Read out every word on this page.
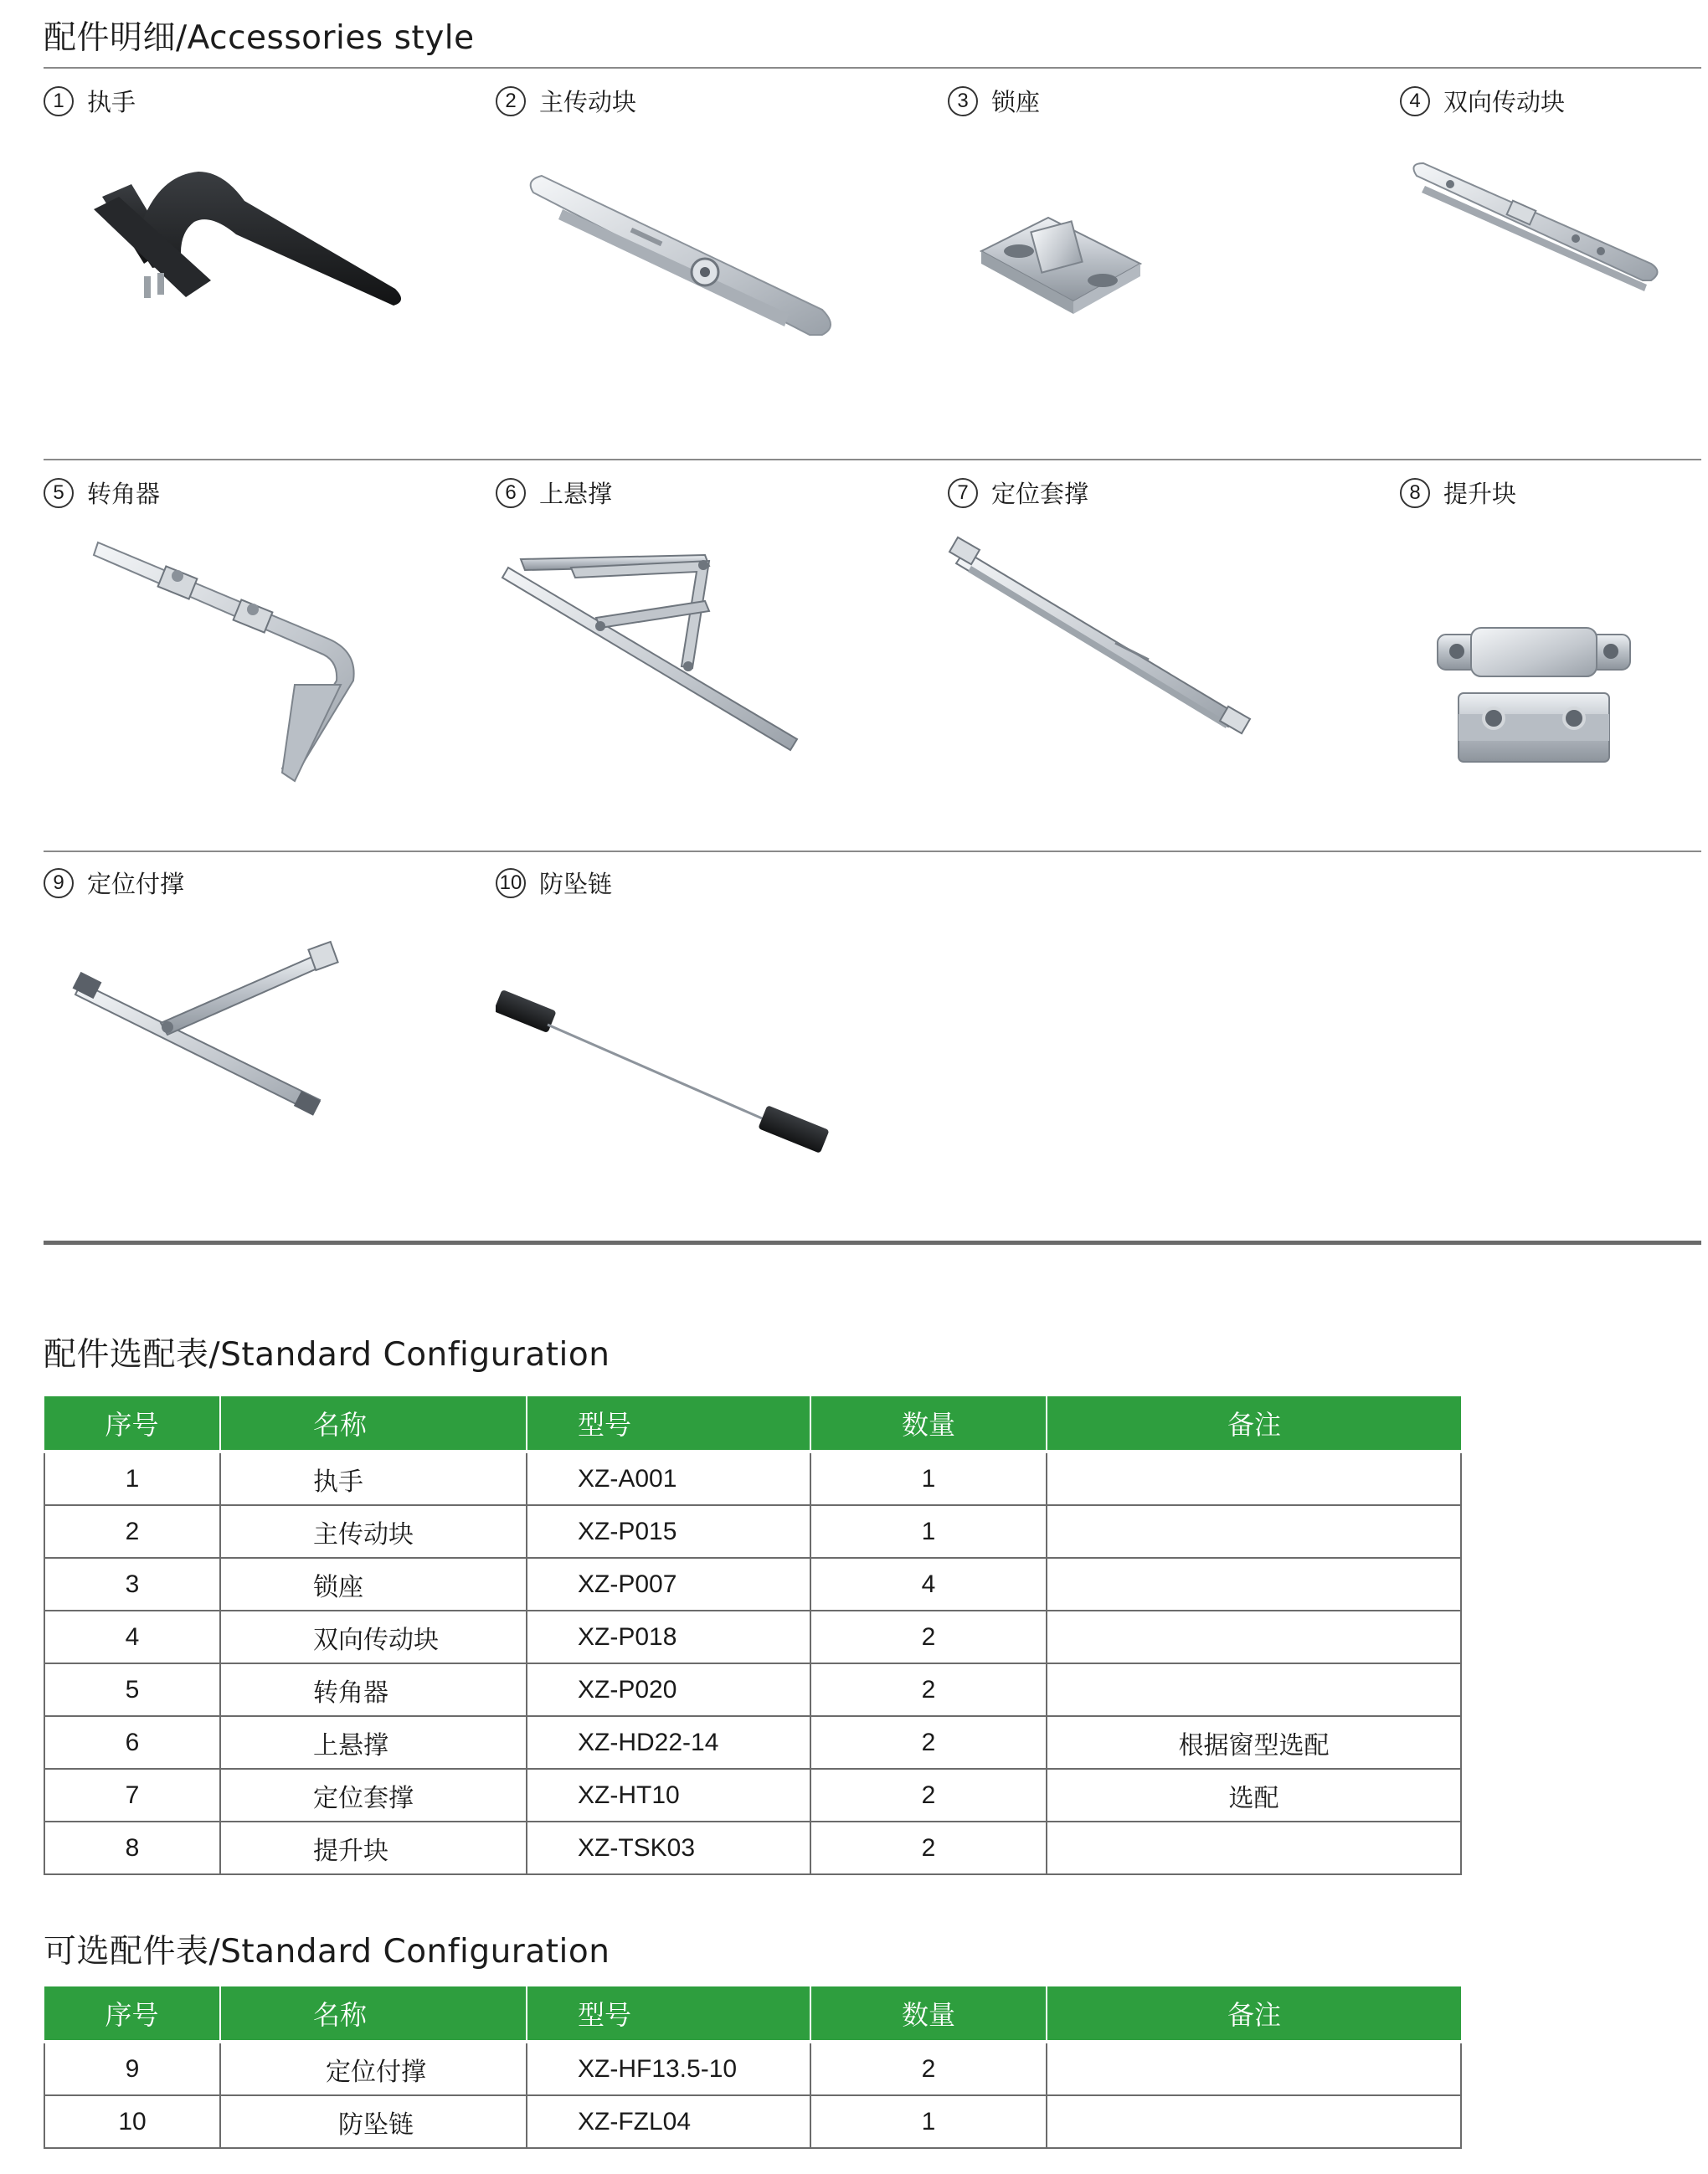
配件明细/Accessories style
1 执手	2 主传动块	3 锁座	4 双向传动块
5 转角器	6 上悬撑	7 定位套撑	8 提升块
9 定位付撑	10 防坠链
配件选配表/Standard Configuration
序号	名称	型号	数量	备注
1	执手	XZ-A001	1	
2	主传动块	XZ-P015	1	
3	锁座	XZ-P007	4	
4	双向传动块	XZ-P018	2	
5	转角器	XZ-P020	2	
6	上悬撑	XZ-HD22-14	2	根据窗型选配
7	定位套撑	XZ-HT10	2	选配
8	提升块	XZ-TSK03	2	
可选配件表/Standard Configuration
序号	名称	型号	数量	备注
9	定位付撑	XZ-HF13.5-10	2	
10	防坠链	XZ-FZL04	1	
